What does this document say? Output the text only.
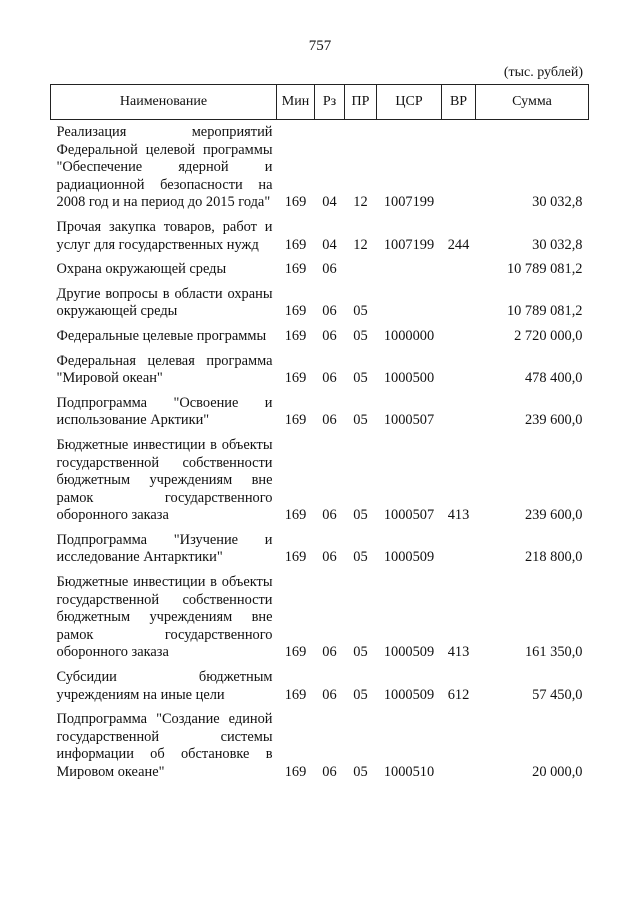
757
(тыс. рублей)
Наименование	Мин	Рз	ПР	ЦСР	ВР	Сумма
Реализация мероприятий Федеральной целевой программы "Обеспечение ядерной и радиационной безопасности на 2008 год и на период до 2015 года"	169	04	12	1007199		30 032,8
Прочая закупка товаров, работ и услуг для государственных нужд	169	04	12	1007199	244	30 032,8
Охрана окружающей среды	169	06				10 789 081,2
Другие вопросы в области охраны окружающей среды	169	06	05			10 789 081,2
Федеральные целевые программы	169	06	05	1000000		2 720 000,0
Федеральная целевая программа "Мировой океан"	169	06	05	1000500		478 400,0
Подпрограмма "Освоение и использование Арктики"	169	06	05	1000507		239 600,0
Бюджетные инвестиции в объекты государственной собственности бюджетным учреждениям вне рамок государственного оборонного заказа	169	06	05	1000507	413	239 600,0
Подпрограмма "Изучение и исследование Антарктики"	169	06	05	1000509		218 800,0
Бюджетные инвестиции в объекты государственной собственности бюджетным учреждениям вне рамок государственного оборонного заказа	169	06	05	1000509	413	161 350,0
Субсидии бюджетным учреждениям на иные цели	169	06	05	1000509	612	57 450,0
Подпрограмма "Создание единой государственной системы информации об обстановке в Мировом океане"	169	06	05	1000510		20 000,0
